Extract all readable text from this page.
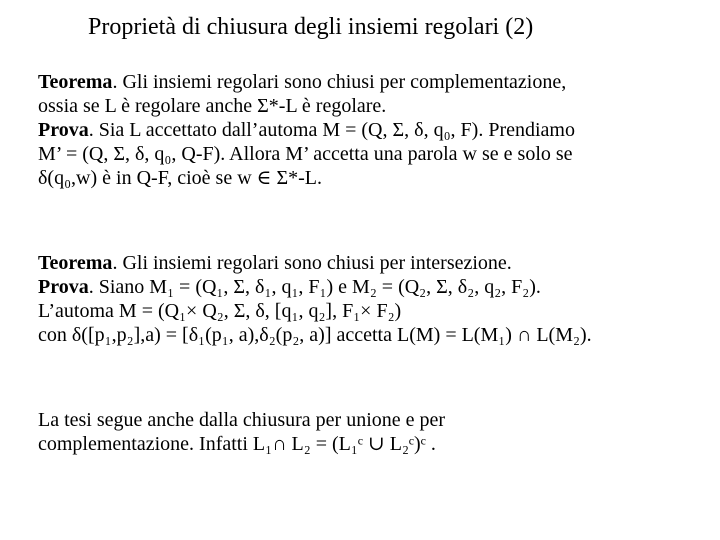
Proprietà di chiusura degli insiemi regolari (2)
Teorema. Gli insiemi regolari sono chiusi per complementazione,
ossia se L è regolare anche Σ*-L è regolare.
Prova. Sia L accettato dall’automa M = (Q, Σ, δ, q₀, F). Prendiamo
M’ = (Q, Σ, δ, q₀, Q-F). Allora M’ accetta una parola w se e solo se
δ(q₀,w) è in Q-F, cioè se w ∈ Σ*-L.
Teorema. Gli insiemi regolari sono chiusi per intersezione.
Prova. Siano M₁ = (Q₁, Σ, δ₁, q₁, F₁) e M₂ = (Q₂, Σ, δ₂, q₂, F₂).
L’automa M = (Q₁× Q₂, Σ, δ, [q₁, q₂], F₁× F₂)
con δ([p₁,p₂],a) = [δ₁(p₁, a),δ₂(p₂, a)] accetta L(M) = L(M₁) ∩ L(M₂).
La tesi segue anche dalla chiusura per unione e per
complementazione. Infatti L₁∩ L₂ = (L₁ᶜ ∪ L₂ᶜ)ᶜ .
